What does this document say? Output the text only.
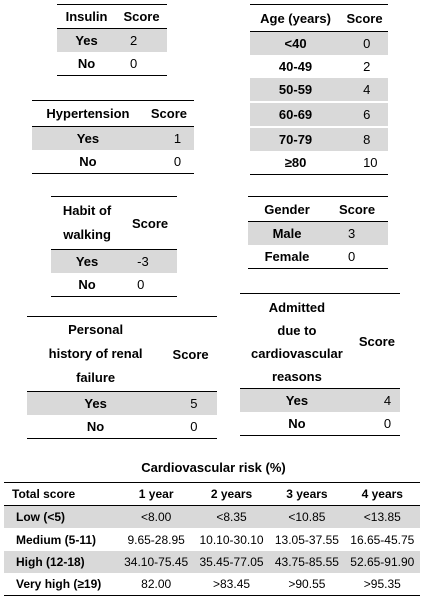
Insulin	Score
Yes	2
No	0
Hypertension	Score
Yes	1
No	0
Habit of
walking	Score
Yes	-3
No	0
Personal
history of renal
failure	Score
Yes	5
No	0
Age (years)	Score
<40	0
40-49	2
50-59	4
60-69	6
70-79	8
≥80	10
Gender	Score
Male	3
Female	0
Admitted
due to
cardiovascular
reasons	Score
Yes	4
No	0
Cardiovascular risk (%)
Total score	1 year	2 years	3 years	4 years
Low (<5)	<8.00	<8.35	<10.85	<13.85
Medium (5-11)	9.65-28.95	10.10-30.10	13.05-37.55	16.65-45.75
High (12-18)	34.10-75.45	35.45-77.05	43.75-85.55	52.65-91.90
Very high (≥19)	82.00	>83.45	>90.55	>95.35
